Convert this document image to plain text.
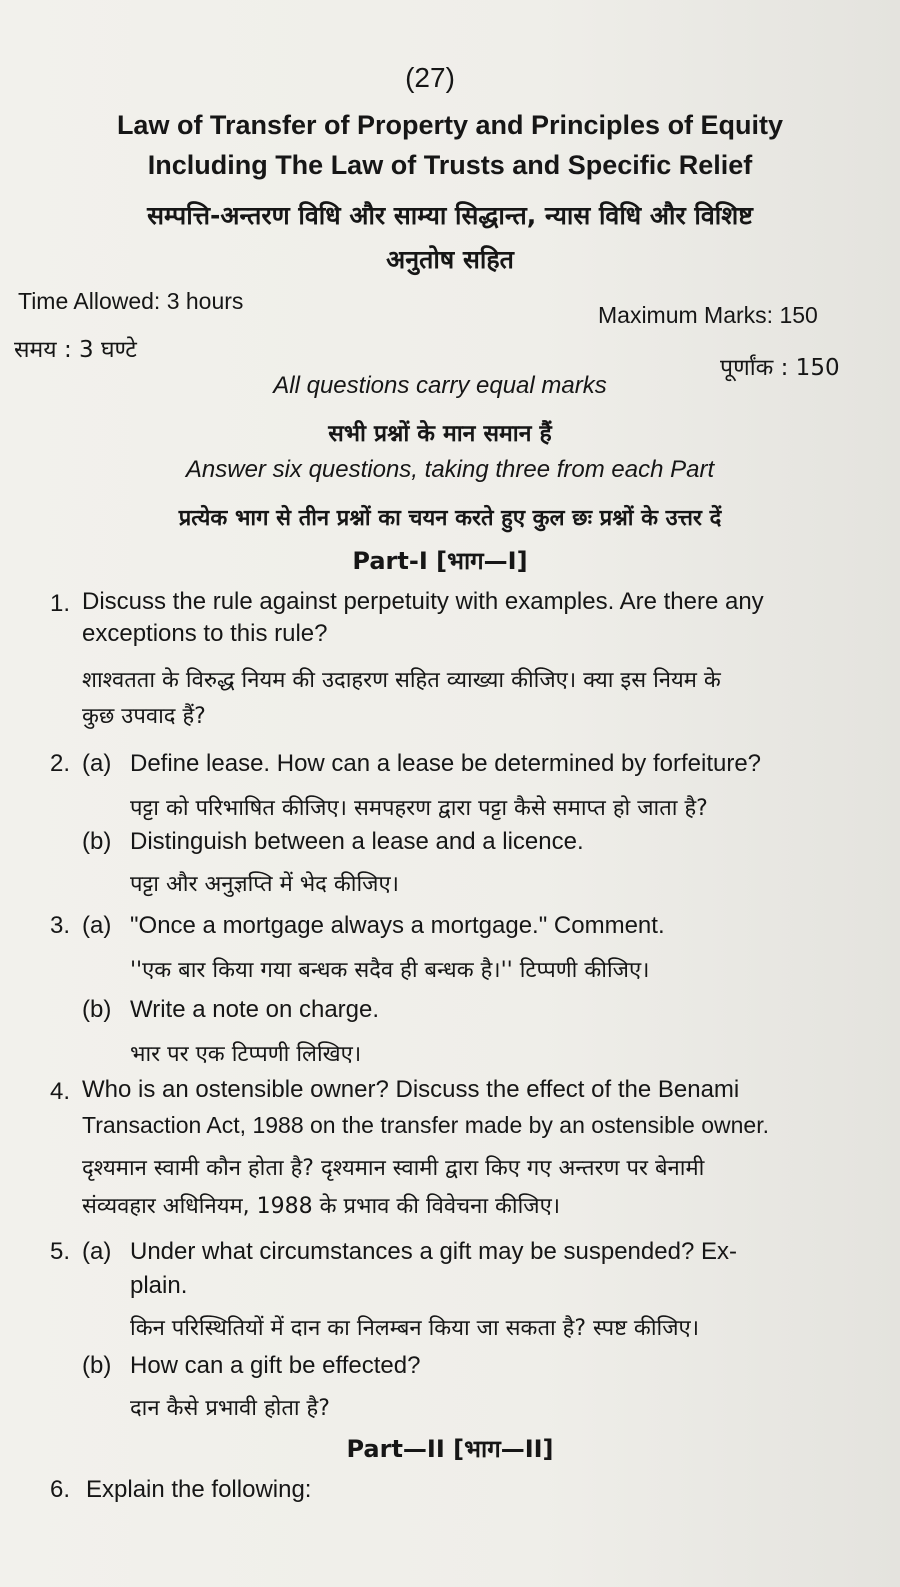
(27)
Law of Transfer of Property and Principles of Equity
Including The Law of Trusts and Specific Relief
सम्पत्ति-अन्तरण विधि और साम्या सिद्धान्त, न्यास विधि और विशिष्ट
अनुतोष सहित
Time Allowed: 3 hours
समय : 3 घण्टे
Maximum Marks: 150
पूर्णांक : 150
All questions carry equal marks
सभी प्रश्नों के मान समान हैं
Answer six questions, taking three from each Part
प्रत्येक भाग से तीन प्रश्नों का चयन करते हुए कुल छः प्रश्नों के उत्तर दें
Part-I [भाग—I]
1. Discuss the rule against perpetuity with examples. Are there any
exceptions to this rule?
शाश्वतता के विरुद्ध नियम की उदाहरण सहित व्याख्या कीजिए। क्या इस नियम के
कुछ उपवाद हैं?
2. (a) Define lease. How can a lease be determined by forfeiture?
पट्टा को परिभाषित कीजिए। समपहरण द्वारा पट्टा कैसे समाप्त हो जाता है?
(b) Distinguish between a lease and a licence.
पट्टा और अनुज्ञप्ति में भेद कीजिए।
3. (a) "Once a mortgage always a mortgage." Comment.
''एक बार किया गया बन्धक सदैव ही बन्धक है।'' टिप्पणी कीजिए।
(b) Write a note on charge.
भार पर एक टिप्पणी लिखिए।
4. Who is an ostensible owner? Discuss the effect of the Benami
Transaction Act, 1988 on the transfer made by an ostensible owner.
दृश्यमान स्वामी कौन होता है? दृश्यमान स्वामी द्वारा किए गए अन्तरण पर बेनामी
संव्यवहार अधिनियम, 1988 के प्रभाव की विवेचना कीजिए।
5. (a) Under what circumstances a gift may be suspended? Ex-
plain.
किन परिस्थितियों में दान का निलम्बन किया जा सकता है? स्पष्ट कीजिए।
(b) How can a gift be effected?
दान कैसे प्रभावी होता है?
Part—II [भाग—II]
6. Explain the following:
